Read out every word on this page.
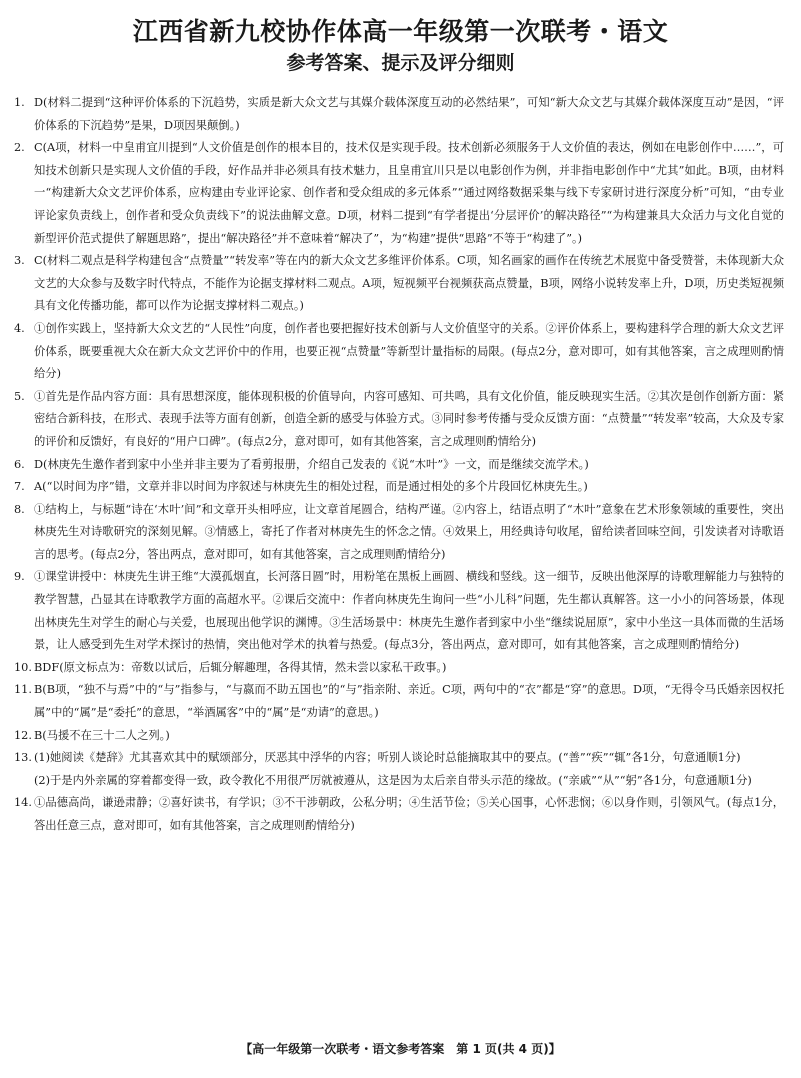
江西省新九校协作体高一年级第一次联考・语文
参考答案、提示及评分细则
1. D(材料二提到“这种评价体系的下沉趋势，实质是新大众文艺与其媒介载体深度互动的必然结果”，可知“新大众文艺与其媒介载体深度互动”是因，“评价体系的下沉趋势”是果，D项因果颠倒。)
2. C(A项，材料一中皇甫宜川提到“人文价值是创作的根本目的，技术仅是实现手段。技术创新必须服务于人文价值的表达，例如在电影创作中……”，可知技术创新只是实现人文价值的手段，好作品并非必须具有技术魅力，且皇甫宜川只是以电影创作为例，并非指电影创作中“尤其”如此。B项，由材料一“构建新大众文艺评价体系，应构建由专业评论家、创作者和受众组成的多元体系”“通过网络数据采集与线下专家研讨进行深度分析”可知，“由专业评论家负责线上，创作者和受众负责线下”的说法曲解文意。D项，材料二提到“有学者提出‘分层评价’的解决路径”“为构建兼具大众活力与文化自觉的新型评价范式提供了解题思路”，提出“解决路径”并不意味着“解决了”，为“构建”提供“思路”不等于“构建了”。)
3. C(材料二观点是科学构建包含“点赞量”“转发率”等在内的新大众文艺多维评价体系。C项，知名画家的画作在传统艺术展览中备受赞誉，未体现新大众文艺的大众参与及数字时代特点，不能作为论据支撑材料二观点。A项，短视频平台视频获高点赞量，B项，网络小说转发率上升，D项，历史类短视频具有文化传播功能，都可以作为论据支撑材料二观点。)
4. ①创作实践上，坚持新大众文艺的“人民性”向度，创作者也要把握好技术创新与人文价值坚守的关系。②评价体系上，要构建科学合理的新大众文艺评价体系，既要重视大众在新大众文艺评价中的作用，也要正视“点赞量”等新型计量指标的局限。(每点2分，意对即可，如有其他答案，言之成理则酌情给分)
5. ①首先是作品内容方面：具有思想深度，能体现积极的价值导向，内容可感知、可共鸣，具有文化价值，能反映现实生活。②其次是创作创新方面：紧密结合新科技，在形式、表现手法等方面有创新，创造全新的感受与体验方式。③同时参考传播与受众反馈方面：“点赞量”“转发率”较高，大众及专家的评价和反馈好，有良好的“用户口碑”。(每点2分，意对即可，如有其他答案，言之成理则酌情给分)
6. D(林庚先生邀作者到家中小坐并非主要为了看剪报册，介绍自己发表的《说“木叶”》一文，而是继续交流学术。)
7. A(“以时间为序”错，文章并非以时间为序叙述与林庚先生的相处过程，而是通过相处的多个片段回忆林庚先生。)
8. ①结构上，与标题“诗在‘木叶’间”和文章开头相呼应，让文章首尾圆合，结构严谨。②内容上，结语点明了“木叶”意象在艺术形象领域的重要性，突出林庚先生对诗歌研究的深刻见解。③情感上，寄托了作者对林庚先生的怀念之情。④效果上，用经典诗句收尾，留给读者回味空间，引发读者对诗歌语言的思考。(每点2分，答出两点，意对即可，如有其他答案，言之成理则酌情给分)
9. ①课堂讲授中：林庚先生讲王维“大漠孤烟直，长河落日圆”时，用粉笔在黑板上画圆、横线和竖线。这一细节，反映出他深厚的诗歌理解能力与独特的教学智慧，凸显其在诗歌教学方面的高超水平。②课后交流中：作者向林庚先生询问一些“小儿科”问题，先生都认真解答。这一小小的问答场景，体现出林庚先生对学生的耐心与关爱，也展现出他学识的渊博。③生活场景中：林庚先生邀作者到家中小坐“继续说屈原”，家中小坐这一具体而微的生活场景，让人感受到先生对学术探讨的热情，突出他对学术的执着与热爱。(每点3分，答出两点，意对即可，如有其他答案，言之成理则酌情给分)
10. BDF(原文标点为：帝数以试后，后辄分解趣理，各得其情，然未尝以家私干政事。)
11. B(B项，“独不与焉”中的“与”指参与，“与嬴而不助五国也”的“与”指亲附、亲近。C项，两句中的“衣”都是“穿”的意思。D项，“无得令马氏婚亲因权托属”中的“属”是“委托”的意思，“举酒属客”中的“属”是“劝请”的意思。)
12. B(马援不在三十二人之列。)
13. (1)她阅读《楚辞》尤其喜欢其中的赋颂部分，厌恶其中浮华的内容；听别人谈论时总能摘取其中的要点。(“善”“疾”“辄”各1分，句意通顺1分)
(2)于是内外亲属的穿着都变得一致，政令教化不用很严厉就被遵从，这是因为太后亲自带头示范的缘故。(“亲戚”“从”“躬”各1分，句意通顺1分)
14. ①品德高尚，谦逊肃静；②喜好读书，有学识；③不干涉朝政，公私分明；④生活节俭；⑤关心国事，心怀悲悯；⑥以身作则，引领风气。(每点1分，答出任意三点，意对即可，如有其他答案，言之成理则酌情给分)
【高一年级第一次联考・语文参考答案　第 1 页(共 4 页)】
